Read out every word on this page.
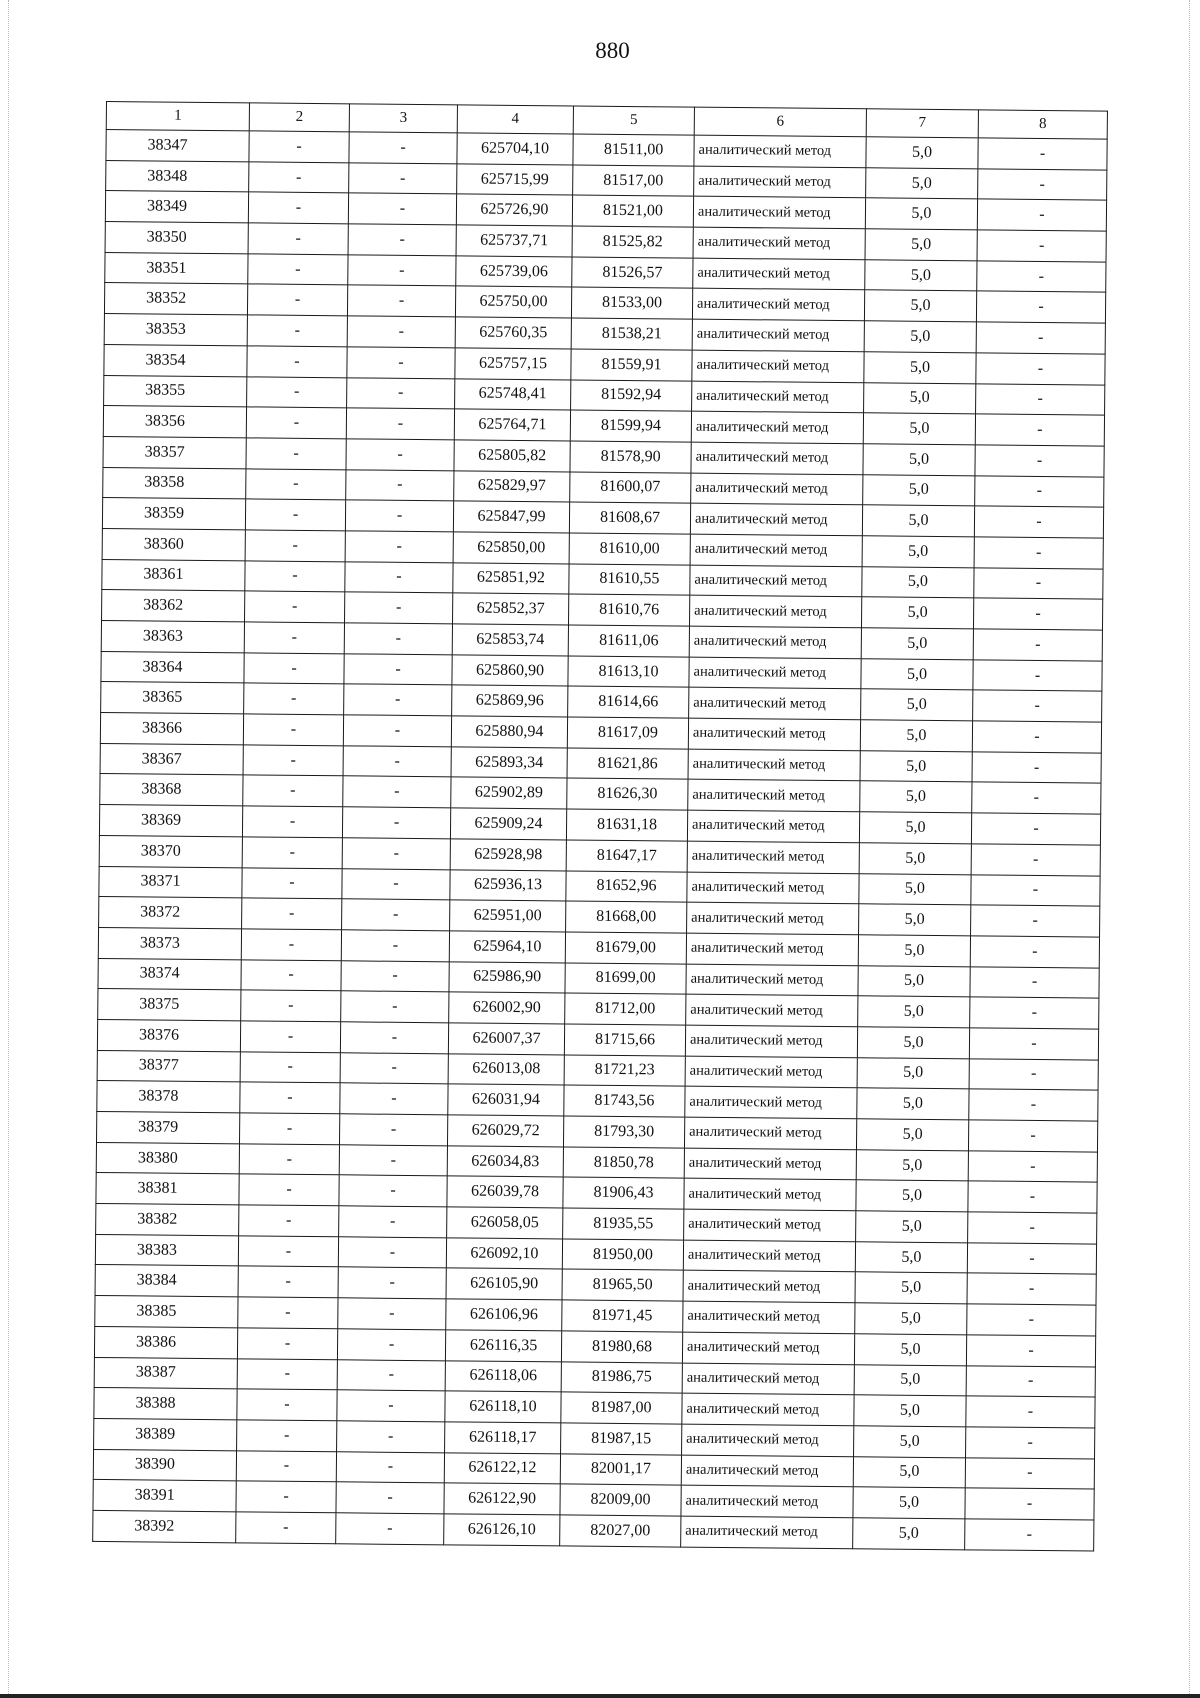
880
1	2	3	4	5	6	7	8
38347	-	-	625704,10	81511,00	аналитический метод	5,0	-
38348	-	-	625715,99	81517,00	аналитический метод	5,0	-
38349	-	-	625726,90	81521,00	аналитический метод	5,0	-
38350	-	-	625737,71	81525,82	аналитический метод	5,0	-
38351	-	-	625739,06	81526,57	аналитический метод	5,0	-
38352	-	-	625750,00	81533,00	аналитический метод	5,0	-
38353	-	-	625760,35	81538,21	аналитический метод	5,0	-
38354	-	-	625757,15	81559,91	аналитический метод	5,0	-
38355	-	-	625748,41	81592,94	аналитический метод	5,0	-
38356	-	-	625764,71	81599,94	аналитический метод	5,0	-
38357	-	-	625805,82	81578,90	аналитический метод	5,0	-
38358	-	-	625829,97	81600,07	аналитический метод	5,0	-
38359	-	-	625847,99	81608,67	аналитический метод	5,0	-
38360	-	-	625850,00	81610,00	аналитический метод	5,0	-
38361	-	-	625851,92	81610,55	аналитический метод	5,0	-
38362	-	-	625852,37	81610,76	аналитический метод	5,0	-
38363	-	-	625853,74	81611,06	аналитический метод	5,0	-
38364	-	-	625860,90	81613,10	аналитический метод	5,0	-
38365	-	-	625869,96	81614,66	аналитический метод	5,0	-
38366	-	-	625880,94	81617,09	аналитический метод	5,0	-
38367	-	-	625893,34	81621,86	аналитический метод	5,0	-
38368	-	-	625902,89	81626,30	аналитический метод	5,0	-
38369	-	-	625909,24	81631,18	аналитический метод	5,0	-
38370	-	-	625928,98	81647,17	аналитический метод	5,0	-
38371	-	-	625936,13	81652,96	аналитический метод	5,0	-
38372	-	-	625951,00	81668,00	аналитический метод	5,0	-
38373	-	-	625964,10	81679,00	аналитический метод	5,0	-
38374	-	-	625986,90	81699,00	аналитический метод	5,0	-
38375	-	-	626002,90	81712,00	аналитический метод	5,0	-
38376	-	-	626007,37	81715,66	аналитический метод	5,0	-
38377	-	-	626013,08	81721,23	аналитический метод	5,0	-
38378	-	-	626031,94	81743,56	аналитический метод	5,0	-
38379	-	-	626029,72	81793,30	аналитический метод	5,0	-
38380	-	-	626034,83	81850,78	аналитический метод	5,0	-
38381	-	-	626039,78	81906,43	аналитический метод	5,0	-
38382	-	-	626058,05	81935,55	аналитический метод	5,0	-
38383	-	-	626092,10	81950,00	аналитический метод	5,0	-
38384	-	-	626105,90	81965,50	аналитический метод	5,0	-
38385	-	-	626106,96	81971,45	аналитический метод	5,0	-
38386	-	-	626116,35	81980,68	аналитический метод	5,0	-
38387	-	-	626118,06	81986,75	аналитический метод	5,0	-
38388	-	-	626118,10	81987,00	аналитический метод	5,0	-
38389	-	-	626118,17	81987,15	аналитический метод	5,0	-
38390	-	-	626122,12	82001,17	аналитический метод	5,0	-
38391	-	-	626122,90	82009,00	аналитический метод	5,0	-
38392	-	-	626126,10	82027,00	аналитический метод	5,0	-
